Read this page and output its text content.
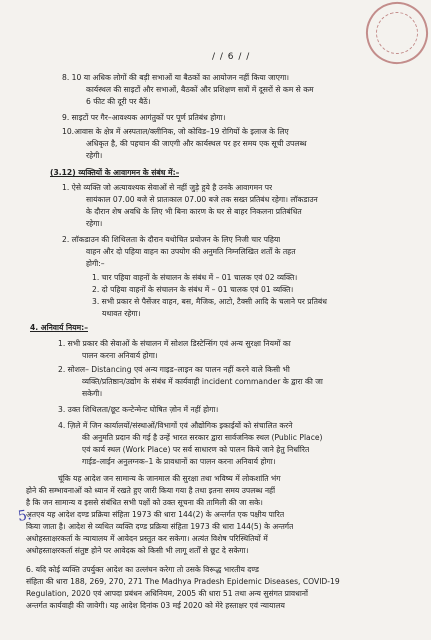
/ / 6 / /
5.
8. 10 या अधिक लोगों की बड़ी सभाओं या बैठकों का आयोजन नहीं किया जाएगा।
कार्यस्थल की साइटों और सभाओं, बैठकों और प्रशिक्षण सत्रों में दूसरों से कम से कम
6 फीट की दूरी पर बैठें।
9. साइटों पर गैर–आवश्यक आगंतुकों पर पूर्ण प्रतिबंध होगा।
10.आवास के क्षेत्र में अस्पताल/क्लीनिक, जो कोविड–19 रोगियों के इलाज के लिए
अधिकृत है, की पहचान की जाएगी और कार्यस्थल पर हर समय एक सूची उपलब्ध
रहेगी।
(3.12) व्यक्तियों के आवागमन के संबंध में:–
1. ऐसे व्यक्ति जो अत्यावश्यक सेवाओं से नहीं जुड़े हुये है उनके आवागमन पर
सायंकाल 07.00 बजे से प्रातःकाल 07.00 बजे तक सख्त प्रतिबंध रहेगा। लॉकडाउन
के दौरान शेष अवधि के लिए भी बिना कारण के घर से बाहर निकलना प्रतिबंधित
रहेगा।
2. लॉकडाउन की शिथिलता के दौरान यथोचित प्रयोजन के लिए निजी चार पहिया
वाहन और दो पहिया वाहन का उपयोग की अनुमति निम्नलिखित शर्तों के तहत
होगी:–
1. चार पहिया वाहनों के संचालन के संबंध में – 01 चालक एवं 02 व्यक्ति।
2. दो पहिया वाहनों के संचालन के संबंध में – 01 चालक एवं 01 व्यक्ति।
3. सभी प्रकार से पैसेंजर वाहन, बस, मैजिक, आटो, टैक्सी आदि के चलाने पर प्रतिबंध
यथावत रहेगा।
4. अनिवार्य नियम:–
1. सभी प्रकार की सेवाओं के संचालन में सोशल डिस्टेन्सिंग एवं अन्य सुरक्षा नियमों का
पालन करना अनिवार्य होगा।
2. सोशल– Distancing एवं अन्य गाइड–लाइन का पालन नहीं करने वाले किसी भी
व्यक्ति/प्रतिष्ठान/उद्योग के संबंध में कार्यवाही incident commander के द्वारा की जा
सकेगी।
3. उक्त शिथिलता/छूट कन्टेन्मेन्ट घोषित ज़ोन में नहीं होगा।
4. ज़िले में जिन कार्यालयों/संस्थाओं/विभागों एवं औद्योगिक इकाईयों को संचालित करने
की अनुमति प्रदान की गई है उन्हें भारत सरकार द्वारा सार्वजनिक स्थल (Public Place)
एवं कार्य स्थल (Work Place) पर सर्व साधारण को पालन किये जाने हेतु निर्धारित
गाईड–लाईन अनुलग्नक–1 के प्रावधानों का पालन करना अनिवार्य होगा।
चूंकि यह आदेश जन सामान्य के जानमाल की सुरक्षा तथा भविष्य में लोकशांति भंग
होने की सम्भावनाओं को ध्यान में रखते हुए जारी किया गया है तथा इतना समय उपलब्ध नहीं
है कि जन सामान्य व इससे संबंधित सभी पक्षों को उक्त सूचना की तामिली की जा सके।
अतएव यह आदेश दण्ड प्रक्रिया संहिता 1973 की धारा 144(2) के अन्तर्गत एक पक्षीय पारित
किया जाता है। आदेश से व्यथित व्यक्ति दण्ड प्रक्रिया संहिता 1973 की धारा 144(5) के अन्तर्गत
अधोहस्ताक्षरकर्ता के न्यायालय में आवेदन प्रस्तुत कर सकेगा। अत्यंत विशेष परिस्थितियों में
अधोहस्ताक्षरकर्ता संतुष्ट होने पर आवेदक को किसी भी लागू शर्तों से छूट दे सकेगा।
6. यदि कोई व्यक्ति उपर्युक्त आदेश का उल्लंघन करेगा तो उसके विरूद्ध भारतीय दण्ड
संहिता की धारा 188, 269, 270, 271 The Madhya Pradesh Epidemic Diseases, COVID-19
Regulation, 2020 एवं आपदा प्रबंधन अधिनियम, 2005 की धारा 51 तथा अन्य सुसंगत प्रावधानों
अन्तर्गत कार्यवाही की जावेगी। यह आदेश दिनांक 03 मई 2020 को मेरे हस्ताक्षर एवं न्यायालय
